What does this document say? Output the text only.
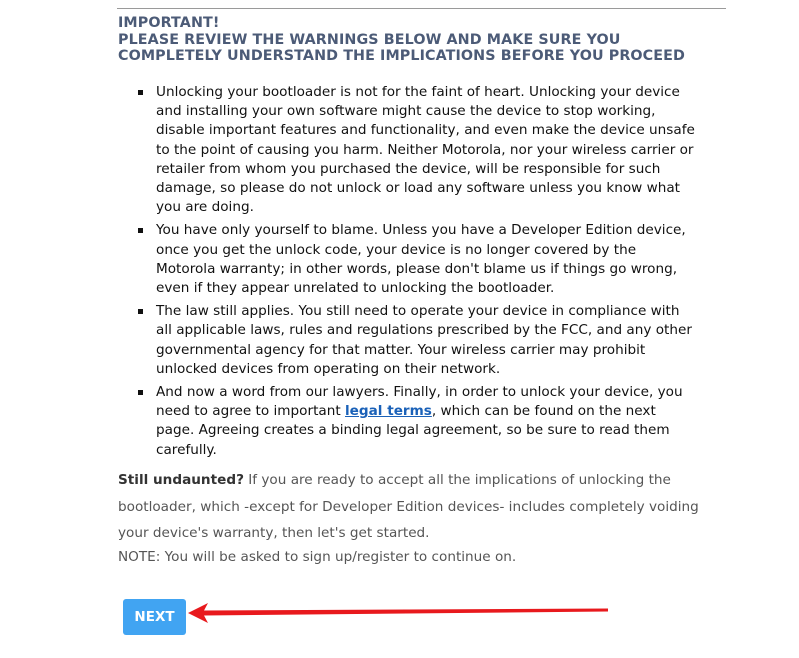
IMPORTANT!
PLEASE REVIEW THE WARNINGS BELOW AND MAKE SURE YOU
COMPLETELY UNDERSTAND THE IMPLICATIONS BEFORE YOU PROCEED
Unlocking your bootloader is not for the faint of heart. Unlocking your device and installing your own software might cause the device to stop working, disable important features and functionality, and even make the device unsafe to the point of causing you harm. Neither Motorola, nor your wireless carrier or retailer from whom you purchased the device, will be responsible for such damage, so please do not unlock or load any software unless you know what you are doing.
You have only yourself to blame. Unless you have a Developer Edition device, once you get the unlock code, your device is no longer covered by the Motorola warranty; in other words, please don't blame us if things go wrong, even if they appear unrelated to unlocking the bootloader.
The law still applies. You still need to operate your device in compliance with all applicable laws, rules and regulations prescribed by the FCC, and any other governmental agency for that matter. Your wireless carrier may prohibit unlocked devices from operating on their network.
And now a word from our lawyers. Finally, in order to unlock your device, you need to agree to important legal terms, which can be found on the next page. Agreeing creates a binding legal agreement, so be sure to read them carefully.

Still undaunted? If you are ready to accept all the implications of unlocking the bootloader, which -except for Developer Edition devices- includes completely voiding your device's warranty, then let's get started.

NOTE: You will be asked to sign up/register to continue on.

NEXT
